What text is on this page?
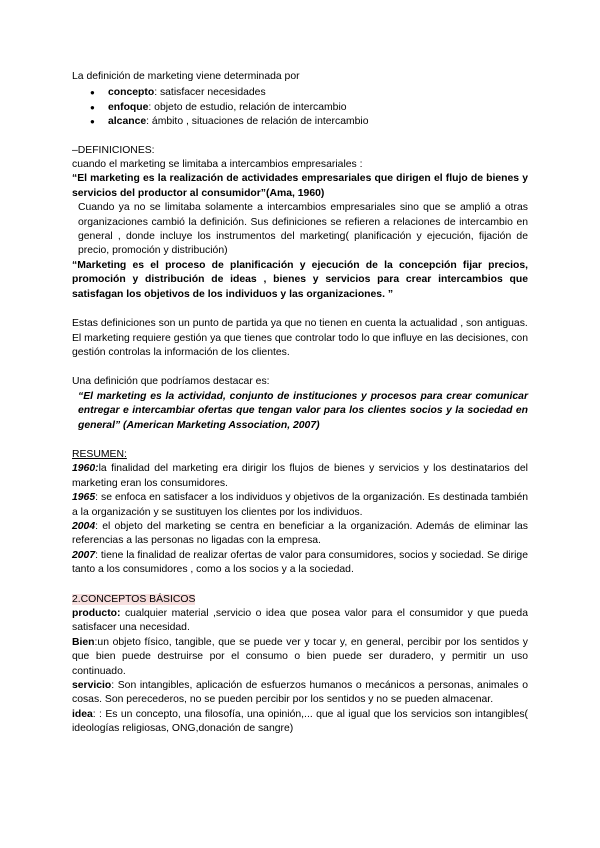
La definición de marketing viene determinada por

● concepto: satisfacer necesidades
● enfoque: objeto de estudio, relación de intercambio
● alcance: ámbito , situaciones de relación de intercambio

–DEFINICIONES:

cuando el marketing se limitaba a intercambios empresariales :

“El marketing es la realización de actividades empresariales que dirigen el flujo de bienes y servicios del productor al consumidor”(Ama, 1960)

Cuando ya no se limitaba solamente a intercambios empresariales sino que se amplió a otras organizaciones cambió la definición. Sus definiciones se refieren a relaciones de intercambio en general , donde incluye los instrumentos del marketing( planificación y ejecución, fijación de precio, promoción y distribución)

“Marketing es el proceso de planificación y ejecución de la concepción fijar precios, promoción y distribución de ideas , bienes y servicios para crear intercambios que satisfagan los objetivos de los individuos y las organizaciones. ”

Estas definiciones son un punto de partida ya que no tienen en cuenta la actualidad , son antiguas.

El marketing requiere gestión ya que tienes que controlar todo lo que influye en las decisiones, con gestión controlas la información de los clientes.

Una definición que podríamos destacar es:

“El marketing es la actividad, conjunto de instituciones y procesos para crear comunicar entregar e intercambiar ofertas que tengan valor para los clientes socios y la sociedad en general” (American Marketing Association, 2007)

RESUMEN:

1960:la finalidad del marketing era dirigir los flujos de bienes y servicios y los destinatarios del marketing eran los consumidores.

1965: se enfoca en satisfacer a los individuos y objetivos de la organización. Es destinada también a la organización y se sustituyen los clientes por los individuos.

2004: el objeto del marketing se centra en beneficiar a la organización. Además de eliminar las referencias a las personas no ligadas con la empresa.

2007: tiene la finalidad de realizar ofertas de valor para consumidores, socios y sociedad. Se dirige tanto a los consumidores , como a los socios y a la sociedad.

2.CONCEPTOS BÁSICOS

producto: cualquier material ,servicio o idea que posea valor para el consumidor y que pueda satisfacer una necesidad.

Bien:un objeto físico, tangible, que se puede ver y tocar y, en general, percibir por los sentidos y que bien puede destruirse por el consumo o bien puede ser duradero, y permitir un uso continuado.

servicio: Son intangibles, aplicación de esfuerzos humanos o mecánicos a personas, animales o cosas. Son perecederos, no se pueden percibir por los sentidos y no se pueden almacenar.

idea: : Es un concepto, una filosofía, una opinión,... que al igual que los servicios son intangibles( ideologías religiosas, ONG,donación de sangre)
